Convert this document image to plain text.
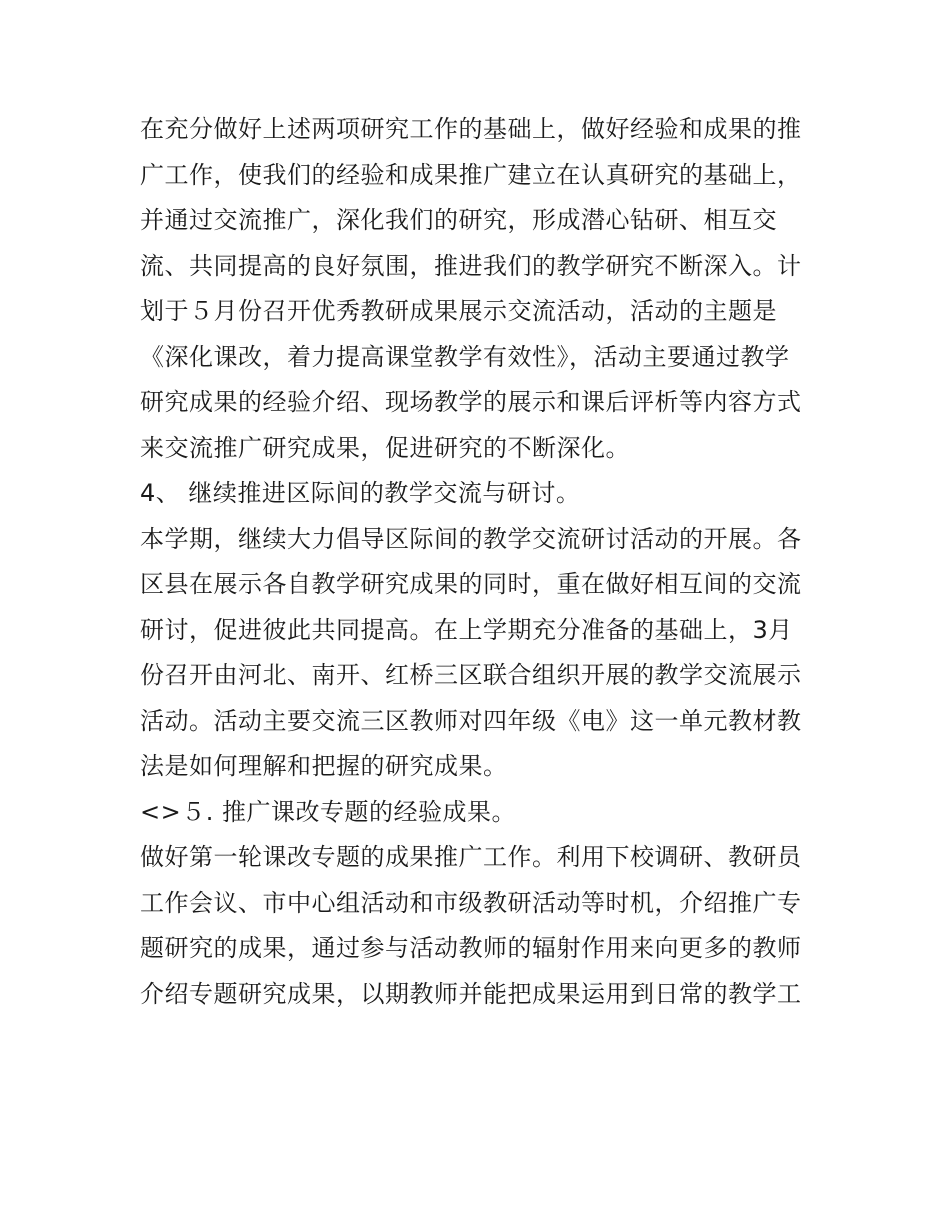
在充分做好上述两项研究工作的基础上，做好经验和成果的推
广工作，使我们的经验和成果推广建立在认真研究的基础上，
并通过交流推广，深化我们的研究，形成潜心钻研、相互交
流、共同提高的良好氛围，推进我们的教学研究不断深入。计
划于５月份召开优秀教研成果展示交流活动，活动的主题是
《深化课改，着力提高课堂教学有效性》，活动主要通过教学
研究成果的经验介绍、现场教学的展示和课后评析等内容方式
来交流推广研究成果，促进研究的不断深化。
4、 继续推进区际间的教学交流与研讨。
本学期，继续大力倡导区际间的教学交流研讨活动的开展。各
区县在展示各自教学研究成果的同时，重在做好相互间的交流
研讨，促进彼此共同提高。在上学期充分准备的基础上，3月
份召开由河北、南开、红桥三区联合组织开展的教学交流展示
活动。活动主要交流三区教师对四年级《电》这一单元教材教
法是如何理解和把握的研究成果。
<>５. 推广课改专题的经验成果。
做好第一轮课改专题的成果推广工作。利用下校调研、教研员
工作会议、市中心组活动和市级教研活动等时机，介绍推广专
题研究的成果，通过参与活动教师的辐射作用来向更多的教师
介绍专题研究成果，以期教师并能把成果运用到日常的教学工
